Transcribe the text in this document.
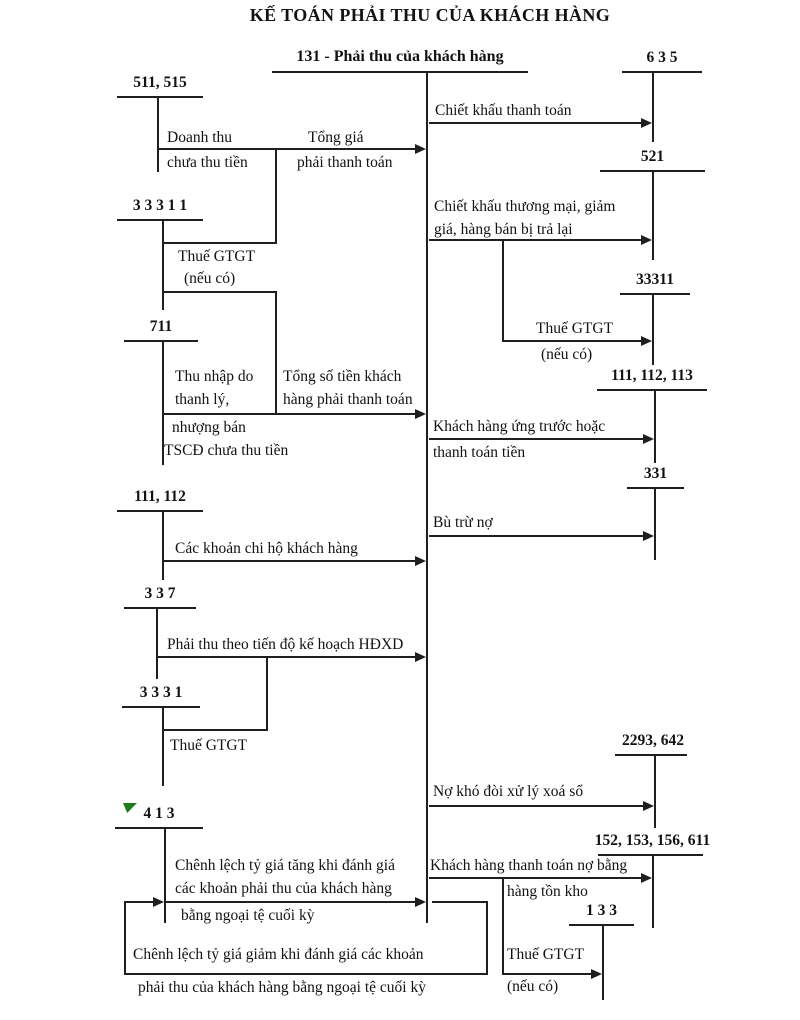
KẾ TOÁN PHẢI THU CỦA KHÁCH HÀNG
131 - Phải thu của khách hàng
511, 515
3 3 3 1 1
711
111, 112
3 3 7
3 3 3 1
4 1 3
6 3 5
521
33311
111, 112, 113
331
2293, 642
152, 153, 156, 611
1 3 3
Doanh thu	Tổng giá
chưa thu tiền	phải thanh toán
Thuế GTGT
(nếu có)
Thu nhập do
thanh lý,
Tổng số tiền khách
hàng phải thanh toán
nhượng bán
TSCĐ chưa thu tiền
Các khoản chi hộ khách hàng
Phải thu theo tiến độ kế hoạch HĐXD
Thuế GTGT
Chênh lệch tỷ giá tăng khi đánh giá
các khoản phải thu của khách hàng
bằng ngoại tệ cuối kỳ
Chênh lệch tỷ giá giảm khi đánh giá các khoản
phải thu của khách hàng bằng ngoại tệ cuối kỳ
Chiết khấu thanh toán
Chiết khấu thương mại, giảm
giá, hàng bán bị trả lại
Thuế GTGT
(nếu có)
Khách hàng ứng trước hoặc
thanh toán tiền
Bù trừ nợ
Nợ khó đòi xử lý xoá sổ
Khách hàng thanh toán nợ bằng
hàng tồn kho
Thuế GTGT
(nếu có)
